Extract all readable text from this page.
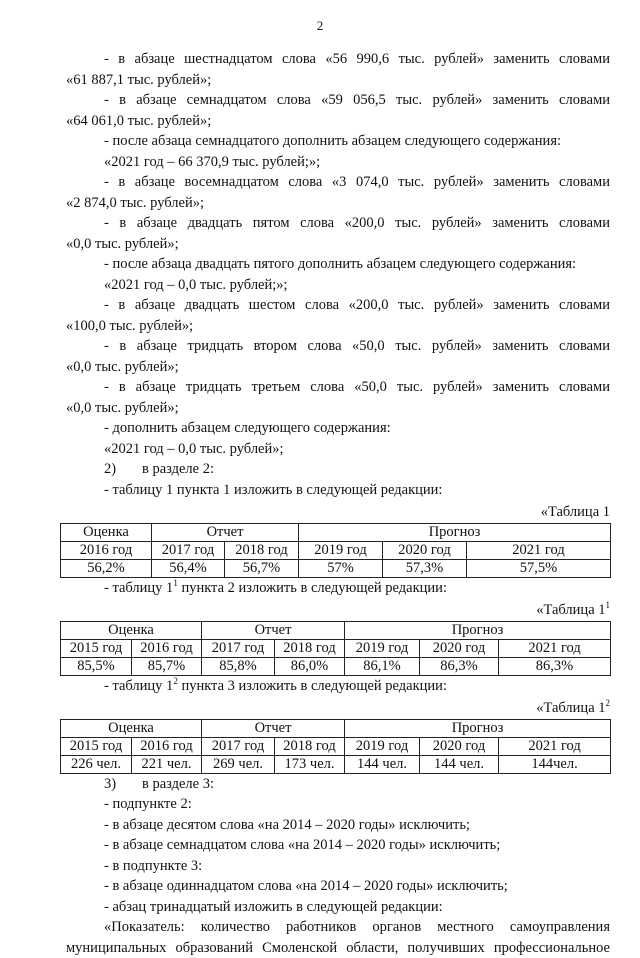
2

- в абзаце шестнадцатом слова «56 990,6 тыс. рублей» заменить словами

«61 887,1 тыс. рублей»;

- в абзаце семнадцатом слова «59 056,5 тыс. рублей» заменить словами

«64 061,0 тыс. рублей»;

- после абзаца семнадцатого дополнить абзацем следующего содержания:

«2021 год – 66 370,9 тыс. рублей;»;

- в абзаце восемнадцатом слова «3 074,0 тыс. рублей» заменить словами

«2 874,0 тыс. рублей»;

- в абзаце двадцать пятом слова «200,0 тыс. рублей» заменить словами

«0,0 тыс. рублей»;

- после абзаца двадцать пятого дополнить абзацем следующего содержания:

«2021 год – 0,0 тыс. рублей;»;

- в абзаце двадцать шестом слова «200,0 тыс. рублей» заменить словами

«100,0 тыс. рублей»;

- в абзаце тридцать втором слова «50,0 тыс. рублей» заменить словами

«0,0 тыс. рублей»;

- в абзаце тридцать третьем слова «50,0 тыс. рублей» заменить словами

«0,0 тыс. рублей»;

- дополнить абзацем следующего содержания:

«2021 год – 0,0 тыс. рублей»;

2) в разделе 2:

- таблицу 1 пункта 1 изложить в следующей редакции:

«Таблица 1

Оценка	Отчет		Прогноз		
2016 год	2017 год	2018 год	2019 год	2020 год	2021 год
56,2%	56,4%	56,7%	57%	57,3%	57,5%

- таблицу $1^1$ пункта 2 изложить в следующей редакции:

«Таблица $1^1$

Оценка		Отчет		Прогноз		
2015 год	2016 год	2017 год	2018 год	2019 год	2020 год	2021 год
85,5%	85,7%	85,8%	86,0%	86,1%	86,3%	86,3%

- таблицу $1^2$ пункта 3 изложить в следующей редакции:

«Таблица $1^2$

Оценка		Отчет		Прогноз		
2015 год	2016 год	2017 год	2018 год	2019 год	2020 год	2021 год
226 чел.	221 чел.	269 чел.	173 чел.	144 чел.	144 чел.	144чел.

3) в разделе 3:

- подпункте 2:

- в абзаце десятом слова «на 2014 – 2020 годы» исключить;

- в абзаце семнадцатом слова «на 2014 – 2020 годы» исключить;

- в подпункте 3:

- в абзаце одиннадцатом слова «на 2014 – 2020 годы» исключить;

- абзац тринадцатый изложить в следующей редакции:

«Показатель: количество работников органов местного самоуправления

муниципальных образований Смоленской области, получивших профессиональное
